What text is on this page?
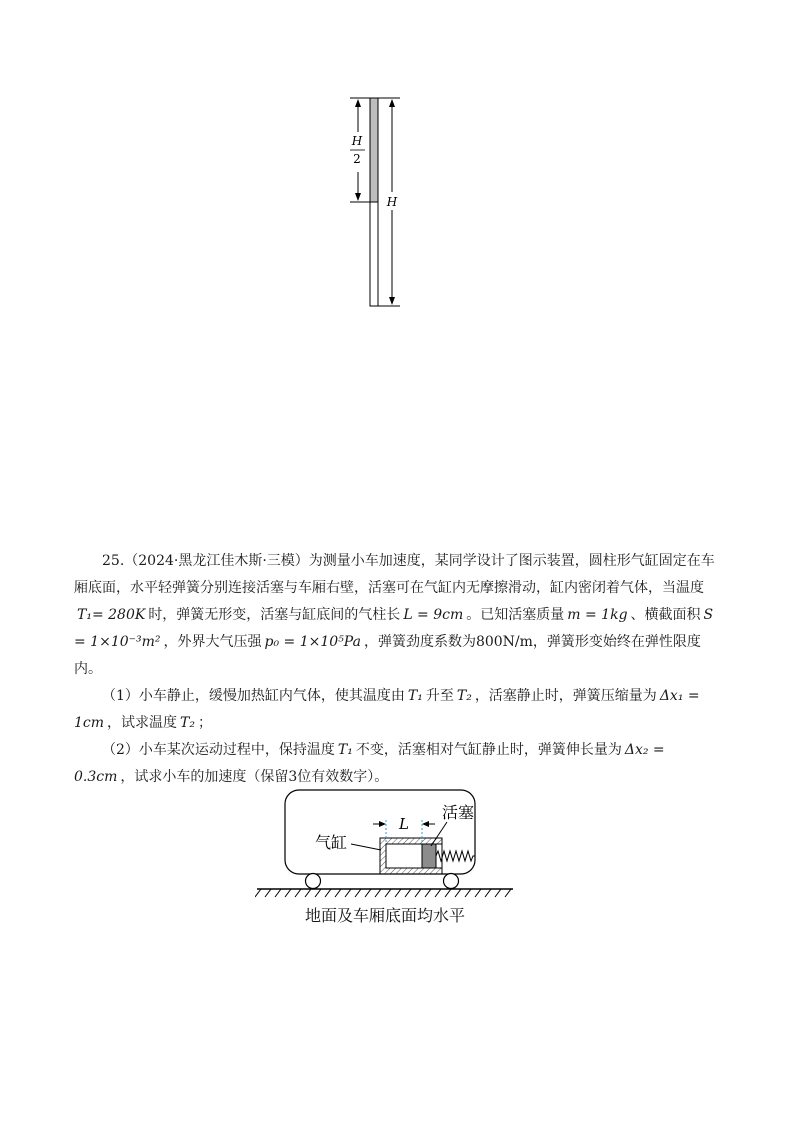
H
2
H

25.（2024·黑龙江佳木斯·三模）为测量小车加速度，某同学设计了图示装置，圆柱形气缸固定在车厢底面，水平轻弹簧分别连接活塞与车厢右壁，活塞可在气缸内无摩擦滑动，缸内密闭着气体，当温度T₁= 280K 时，弹簧无形变，活塞与缸底间的气柱长 L = 9cm 。已知活塞质量 m = 1kg 、横截面积 S = 1×10⁻³m² ，外界大气压强 p₀ = 1×10⁵Pa ，弹簧劲度系数为800N/m，弹簧形变始终在弹性限度内。

（1）小车静止，缓慢加热缸内气体，使其温度由 T₁ 升至 T₂ ，活塞静止时，弹簧压缩量为 Δx₁ = 1cm ，试求温度 T₂ ；

（2）小车某次运动过程中，保持温度 T₁ 不变，活塞相对气缸静止时，弹簧伸长量为 Δx₂ = 0.3cm ，试求小车的加速度（保留3位有效数字）。

L
活塞
气缸
地面及车厢底面均水平
